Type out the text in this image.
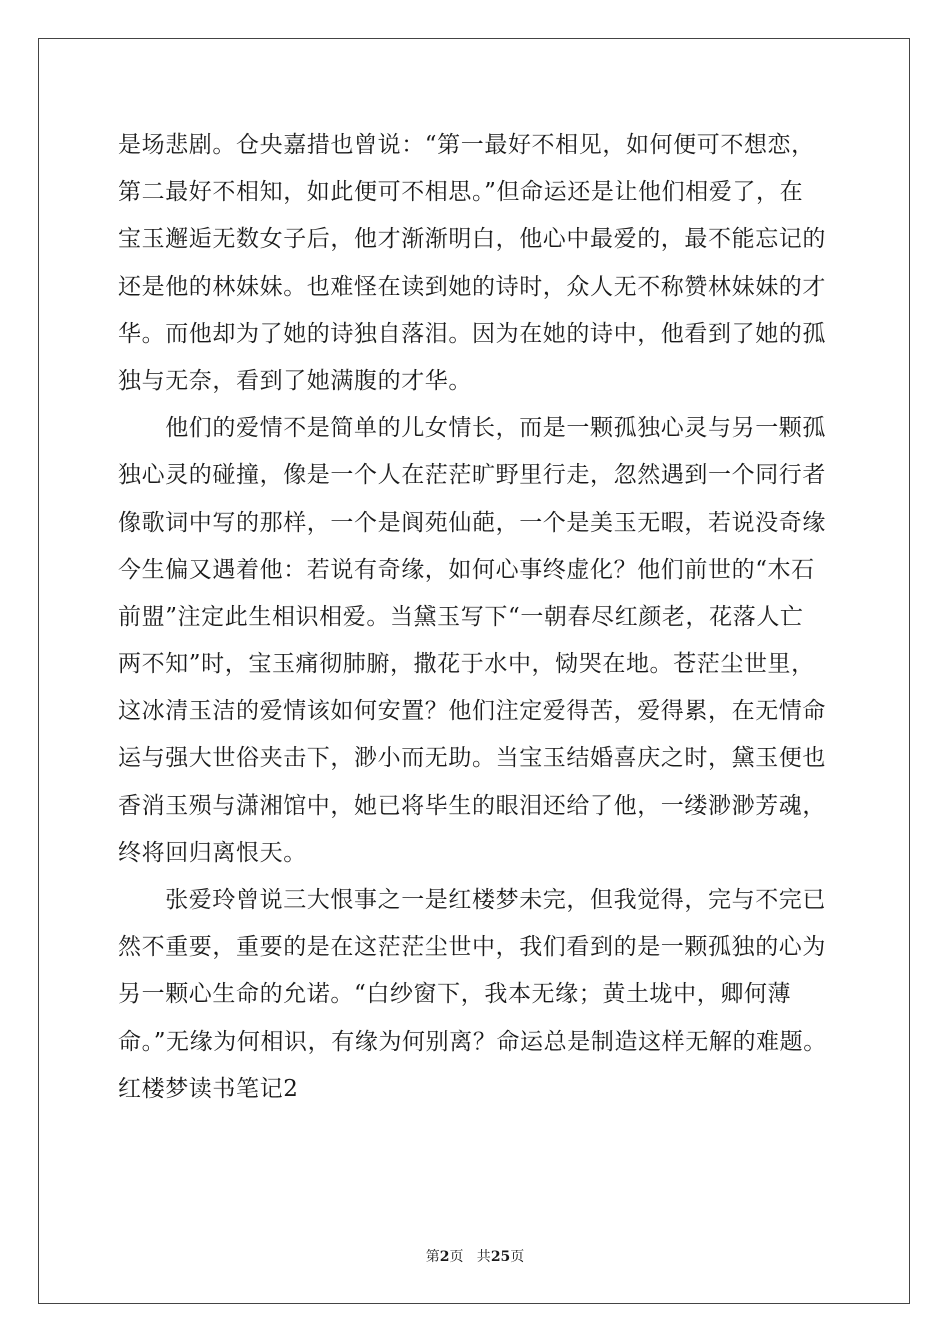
是场悲剧。仓央嘉措也曾说：“第一最好不相见，如何便可不想恋，
第二最好不相知，如此便可不相思。”但命运还是让他们相爱了，在
宝玉邂逅无数女子后，他才渐渐明白，他心中最爱的，最不能忘记的
还是他的林妹妹。也难怪在读到她的诗时，众人无不称赞林妹妹的才
华。而他却为了她的诗独自落泪。因为在她的诗中，他看到了她的孤
独与无奈，看到了她满腹的才华。
　　他们的爱情不是简单的儿女情长，而是一颗孤独心灵与另一颗孤
独心灵的碰撞，像是一个人在茫茫旷野里行走，忽然遇到一个同行者
像歌词中写的那样，一个是阆苑仙葩，一个是美玉无暇，若说没奇缘
今生偏又遇着他：若说有奇缘，如何心事终虚化？他们前世的“木石
前盟”注定此生相识相爱。当黛玉写下“一朝春尽红颜老，花落人亡
两不知”时，宝玉痛彻肺腑，撒花于水中，恸哭在地。苍茫尘世里，
这冰清玉洁的爱情该如何安置？他们注定爱得苦，爱得累，在无情命
运与强大世俗夹击下，渺小而无助。当宝玉结婚喜庆之时，黛玉便也
香消玉殒与潇湘馆中，她已将毕生的眼泪还给了他，一缕渺渺芳魂，
终将回归离恨天。
　　张爱玲曾说三大恨事之一是红楼梦未完，但我觉得，完与不完已
然不重要，重要的是在这茫茫尘世中，我们看到的是一颗孤独的心为
另一颗心生命的允诺。“白纱窗下，我本无缘；黄土垅中，卿何薄
命。”无缘为何相识，有缘为何别离？命运总是制造这样无解的难题。
红楼梦读书笔记2
第2页   共25页
